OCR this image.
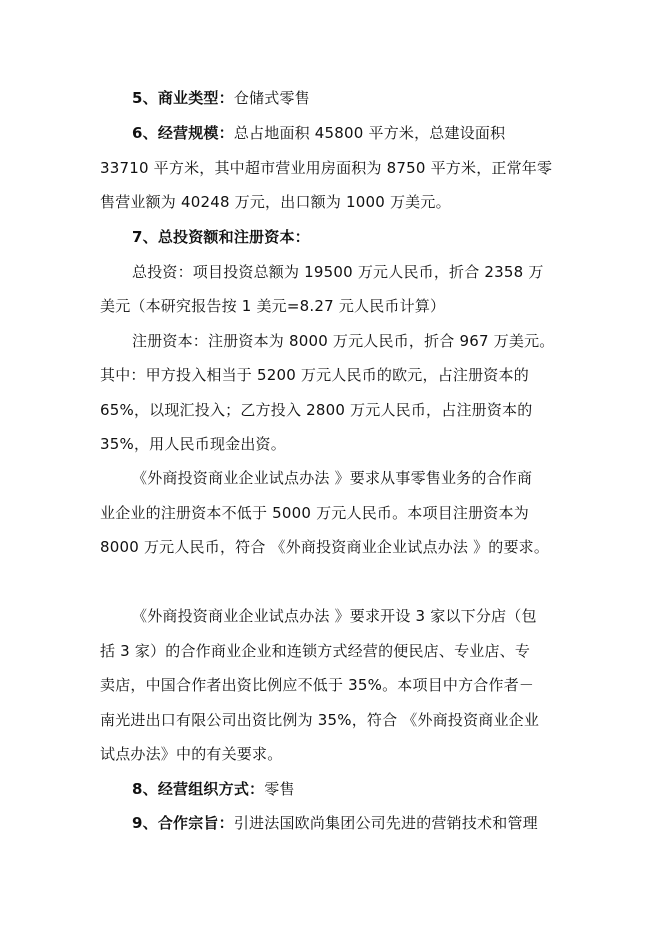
5、商业类型：仓储式零售
6、经营规模：总占地面积 45800 平方米，总建设面积
33710 平方米，其中超市营业用房面积为 8750 平方米，正常年零
售营业额为 40248 万元，出口额为 1000 万美元。
7、总投资额和注册资本：
总投资：项目投资总额为 19500 万元人民币，折合 2358 万
美元（本研究报告按 1 美元=8.27 元人民币计算）
注册资本：注册资本为 8000 万元人民币，折合 967 万美元。
其中：甲方投入相当于 5200 万元人民币的欧元，占注册资本的
65%，以现汇投入；乙方投入 2800 万元人民币，占注册资本的
35%，用人民币现金出资。
《外商投资商业企业试点办法 》要求从事零售业务的合作商
业企业的注册资本不低于 5000 万元人民币。本项目注册资本为
8000 万元人民币，符合 《外商投资商业企业试点办法 》的要求。
《外商投资商业企业试点办法 》要求开设 3 家以下分店（包
括 3 家）的合作商业企业和连锁方式经营的便民店、专业店、专
卖店，中国合作者出资比例应不低于 35%。本项目中方合作者－
南光进出口有限公司出资比例为 35%，符合 《外商投资商业企业
试点办法》中的有关要求。
8、经营组织方式：零售
9、合作宗旨：引进法国欧尚集团公司先进的营销技术和管理
